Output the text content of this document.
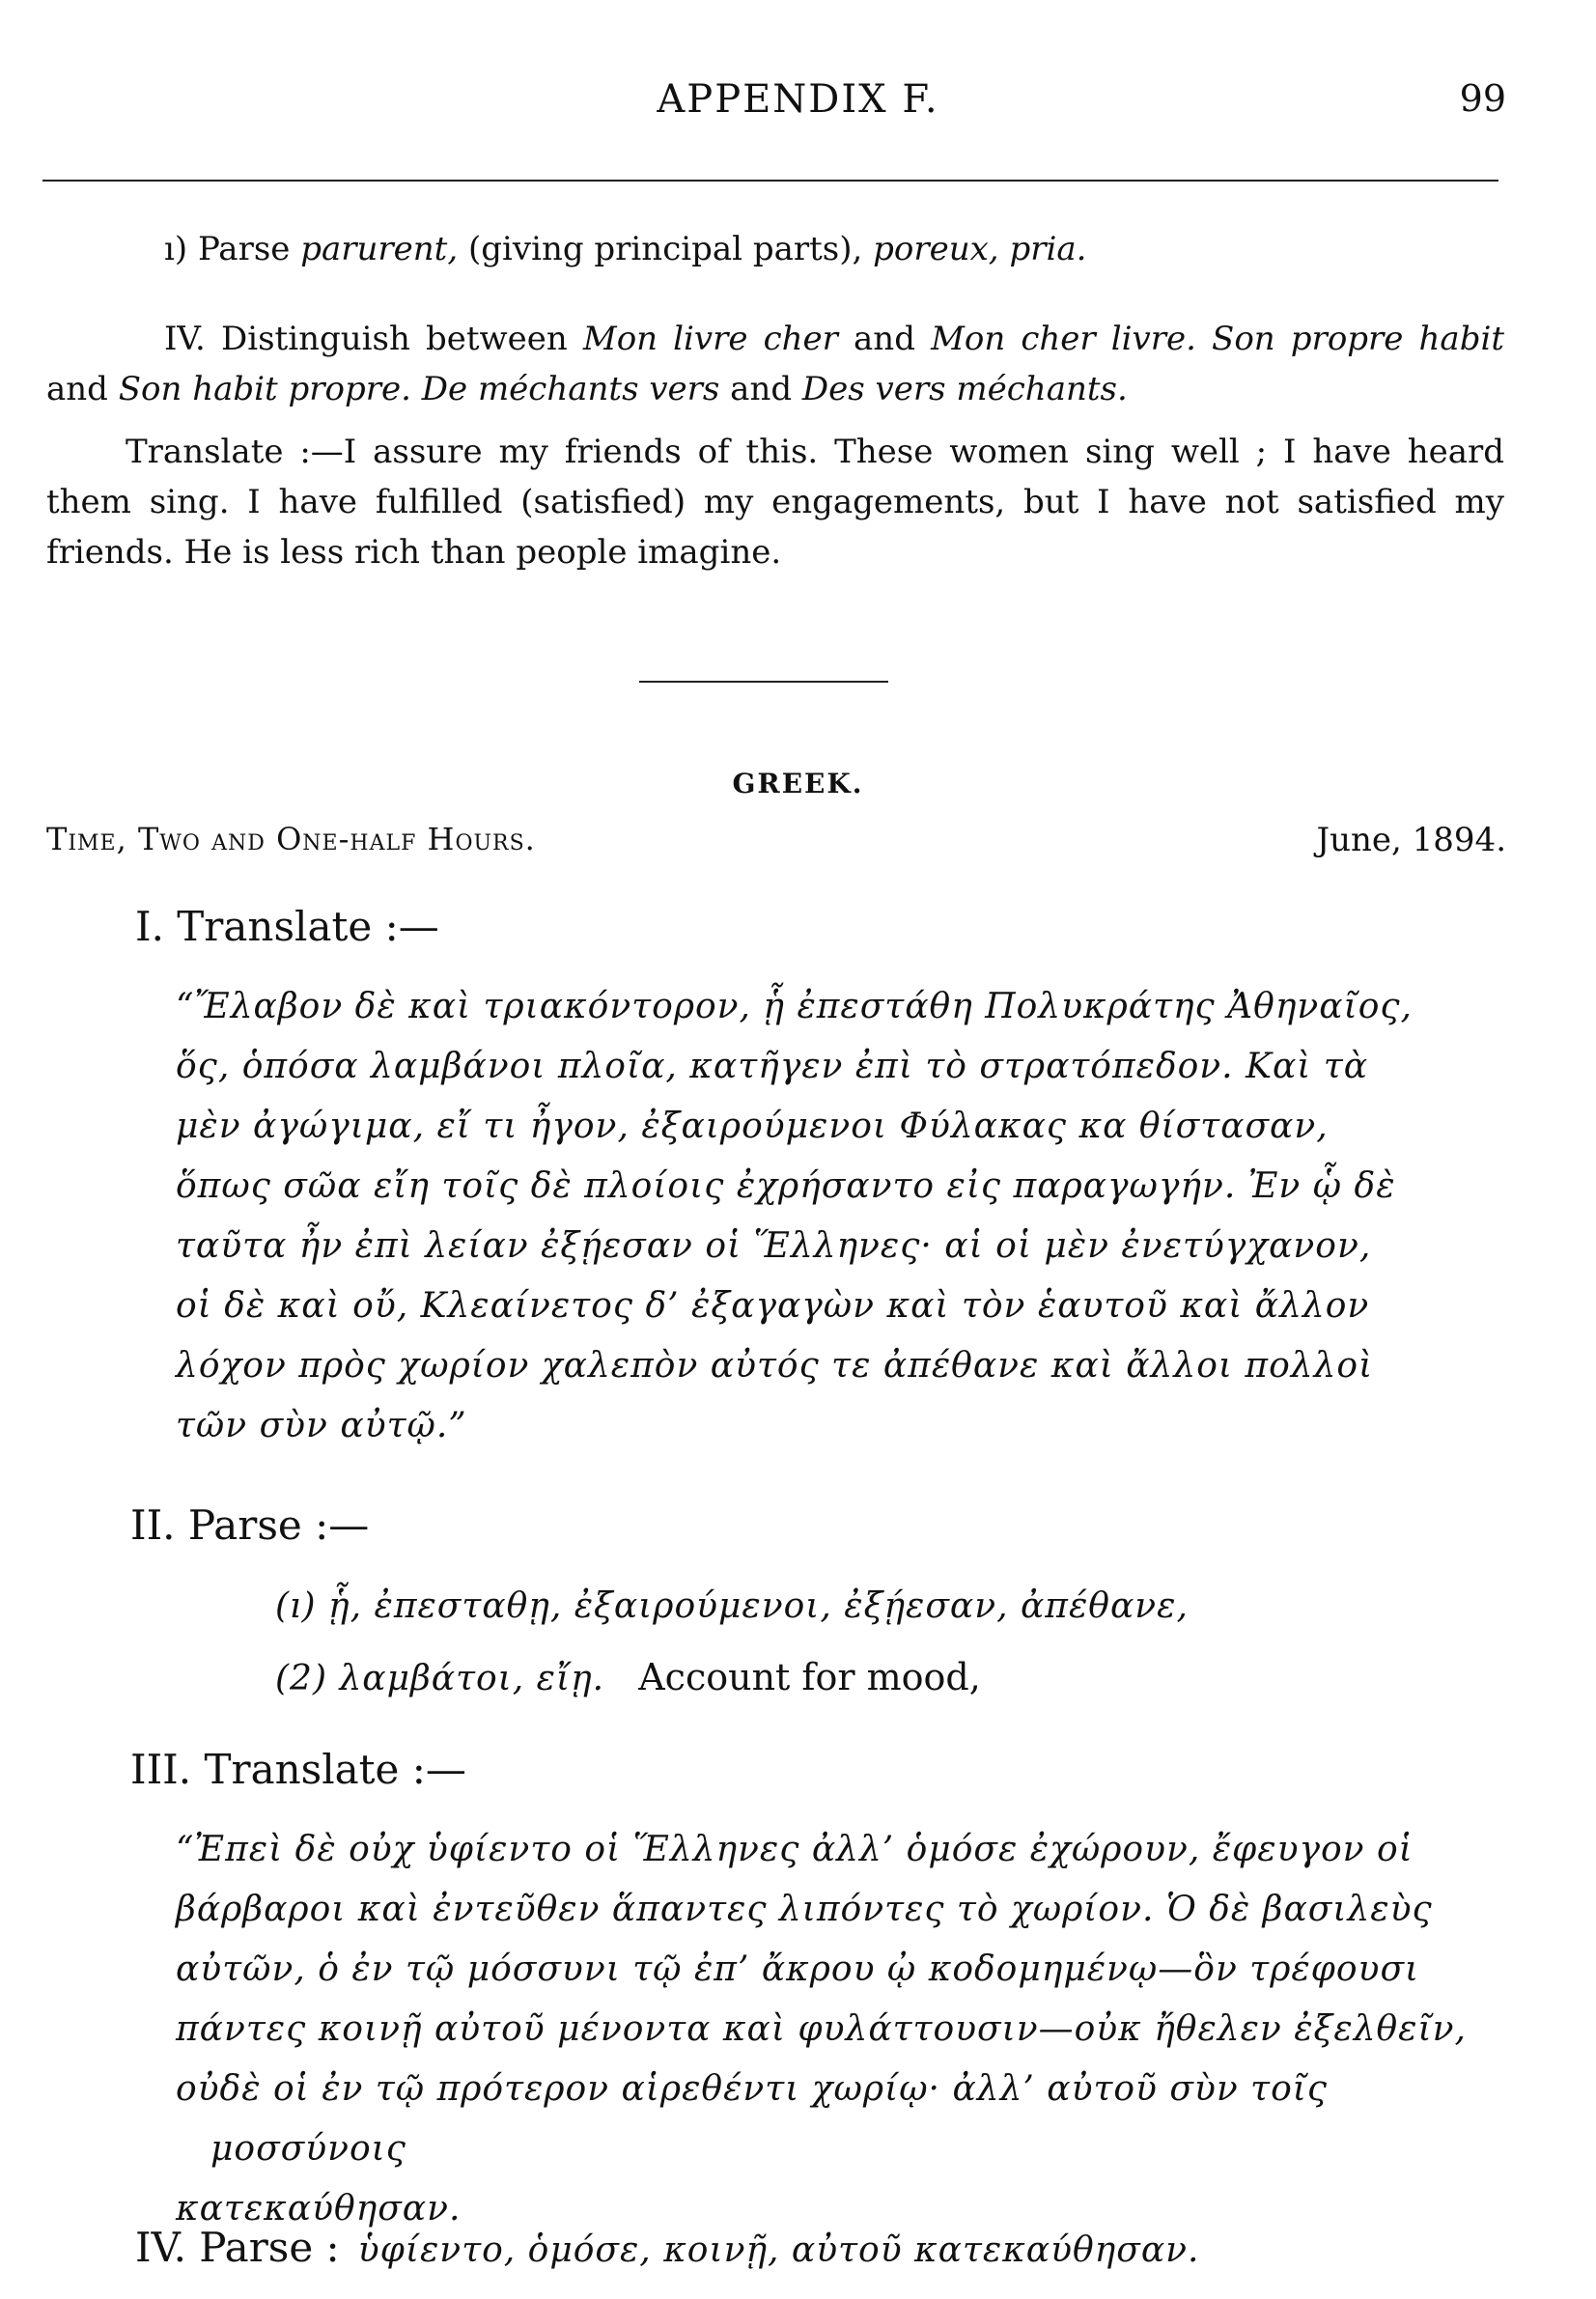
APPENDIX F.	99
ı) Parse parurent, (giving principal parts), poreux, pria.
IV. Distinguish between Mon livre cher and Mon cher livre. Son propre habit and Son habit propre. De méchants vers and Des vers méchants.
Translate :—I assure my friends of this. These women sing well ; I have heard
them sing. I have fulfilled (satisfied) my engagements, but I have not satisfied my
friends. He is less rich than people imagine.
GREEK.
Time, Two and One-half Hours.	June, 1894.
I. Translate :—
“Ἔλαβον δὲ καὶ τριακόντορον, ᾗ ἐπεστάθη Πολυκράτης Ἀθηναῖος,
ὅς, ὁπόσα λαμβάνοι πλοῖα, κατῆγεν ἐπὶ τὸ στρατόπεδον. Καὶ τὰ
μὲν ἀγώγιμα, εἴ τι ἦγον, ἐξαιρούμενοι Φύλακας κα θίστασαν,
ὅπως σῶα εἴη τοῖς δὲ πλοίοις ἐχρήσαντο εἰς παραγωγήν. Ἐν ᾧ δὲ
ταῦτα ἦν ἐπὶ λείαν ἐξῄεσαν οἱ Ἕλληνες· αἱ οἱ μὲν ἐνετύγχανον,
οἱ δὲ καὶ οὔ, Κλεαίνετος δ’ ἐξαγαγὼν καὶ τὸν ἑαυτοῦ καὶ ἄλλον
λόχον πρὸς χωρίον χαλεπὸν αὐτός τε ἀπέθανε καὶ ἄλλοι πολλοὶ
τῶν σὺν αὐτῷ.”
II. Parse :—
(ı) ᾗ, ἐπεσταθῃ, ἐξαιρούμενοι, ἐξῄεσαν, ἀπέθανε,
(2) λαμβάτοι, εἴῃ. Account for mood,
III. Translate :—
“Ἐπεὶ δὲ οὐχ ὑφίεντο οἱ Ἕλληνες ἀλλ’ ὁμόσε ἐχώρουν, ἔφευγον οἱ
βάρβαροι καὶ ἐντεῦθεν ἅπαντες λιπόντες τὸ χωρίον. Ὁ δὲ βασιλεὺς
αὐτῶν, ὁ ἐν τῷ μόσσυνι τῷ ἐπ’ ἄκρου ᾠ κοδομημένῳ—ὃν τρέφουσι
πάντες κοινῇ αὐτοῦ μένοντα καὶ φυλάττουσιν—οὐκ ἤθελεν ἐξελθεῖν,
οὐδὲ οἱ ἐν τῷ πρότερον αἱρεθέντι χωρίῳ· ἀλλ’ αὐτοῦ σὺν τοῖς μοσσύνοις
κατεκαύθησαν.
IV. Parse : ὑφίεντο, ὁμόσε, κοινῇ, αὐτοῦ κατεκαύθησαν.
